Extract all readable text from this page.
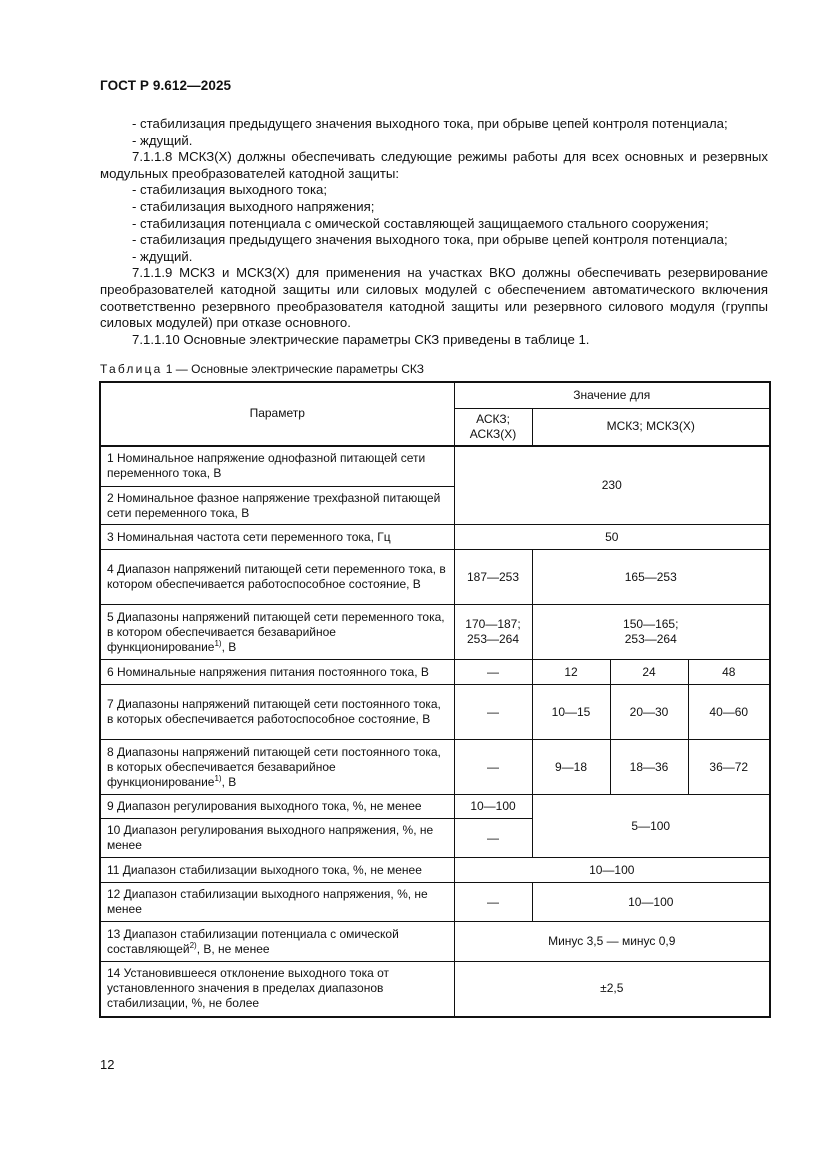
ГОСТ Р 9.612—2025

- стабилизация предыдущего значения выходного тока, при обрыве цепей контроля потенциала;

- ждущий.

7.1.1.8 МСКЗ(Х) должны обеспечивать следующие режимы работы для всех основных и резервных модульных преобразователей катодной защиты:

- стабилизация выходного тока;

- стабилизация выходного напряжения;

- стабилизация потенциала с омической составляющей защищаемого стального сооружения;

- стабилизация предыдущего значения выходного тока, при обрыве цепей контроля потенциала;

- ждущий.

7.1.1.9 МСКЗ и МСКЗ(Х) для применения на участках ВКО должны обеспечивать резервирование преобразователей катодной защиты или силовых модулей с обеспечением автоматического включения соответственно резервного преобразователя катодной защиты или резервного силового модуля (группы силовых модулей) при отказе основного.

7.1.1.10 Основные электрические параметры СКЗ приведены в таблице 1.

Таблица 1 — Основные электрические параметры СКЗ
Параметр	Значение для			
	АСКЗ;
АСКЗ(Х)	МСКЗ; МСКЗ(Х)		
1 Номинальное напряжение однофазной питающей сети переменного тока, В	230			
2 Номинальное фазное напряжение трехфазной питающей сети переменного тока, В				
3 Номинальная частота сети переменного тока, Гц	50			
4 Диапазон напряжений питающей сети переменного тока, в котором обеспечивается работоспособное состояние, В	187—253	165—253		
5 Диапазоны напряжений питающей сети переменного тока, в котором обеспечивается безаварийное функционирование$^{1)}$, В	170—187;
253—264	150—165;
253—264		
6 Номинальные напряжения питания постоянного тока, В	—	12	24	48
7 Диапазоны напряжений питающей сети постоянного тока, в которых обеспечивается работоспособное состояние, В	—	10—15	20—30	40—60
8 Диапазоны напряжений питающей сети постоянного тока, в которых обеспечивается безаварийное функционирование$^{1)}$, В	—	9—18	18—36	36—72
9 Диапазон регулирования выходного тока, %, не менее	10—100	5—100		
10 Диапазон регулирования выходного напряжения, %, не менее	—			
11 Диапазон стабилизации выходного тока, %, не менее	10—100			
12 Диапазон стабилизации выходного напряжения, %, не менее	—	10—100		
13 Диапазон стабилизации потенциала с омической составляющей$^{2)}$, В, не менее	Минус 3,5 — минус 0,9			
14 Установившееся отклонение выходного тока от установленного значения в пределах диапазонов стабилизации, %, не более	±2,5			
12
